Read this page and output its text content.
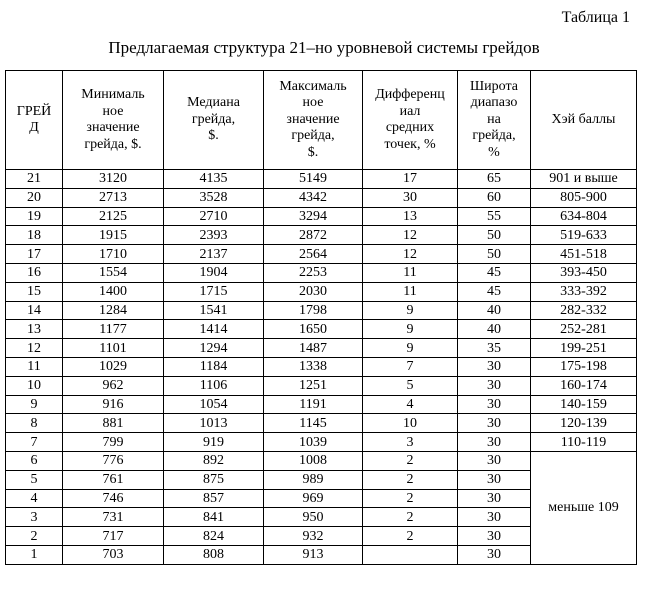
Таблица 1
Предлагаемая структура 21–но уровневой системы грейдов
ГРЕЙ
Д	Минималь
ное
значение
грейда, $.	Медиана
грейда,
$.	Максималь
ное
значение
грейда,
$.	Дифференц
иал
средних
точек, %	Широта
диапазо
на
грейда,
%	Хэй баллы
21	3120	4135	5149	17	65	901 и выше
20	2713	3528	4342	30	60	805-900
19	2125	2710	3294	13	55	634-804
18	1915	2393	2872	12	50	519-633
17	1710	2137	2564	12	50	451-518
16	1554	1904	2253	11	45	393-450
15	1400	1715	2030	11	45	333-392
14	1284	1541	1798	9	40	282-332
13	1177	1414	1650	9	40	252-281
12	1101	1294	1487	9	35	199-251
11	1029	1184	1338	7	30	175-198
10	962	1106	1251	5	30	160-174
9	916	1054	1191	4	30	140-159
8	881	1013	1145	10	30	120-139
7	799	919	1039	3	30	110-119
6	776	892	1008	2	30	меньше 109
5	761	875	989	2	30	
4	746	857	969	2	30	
3	731	841	950	2	30	
2	717	824	932	2	30	
1	703	808	913		30	
